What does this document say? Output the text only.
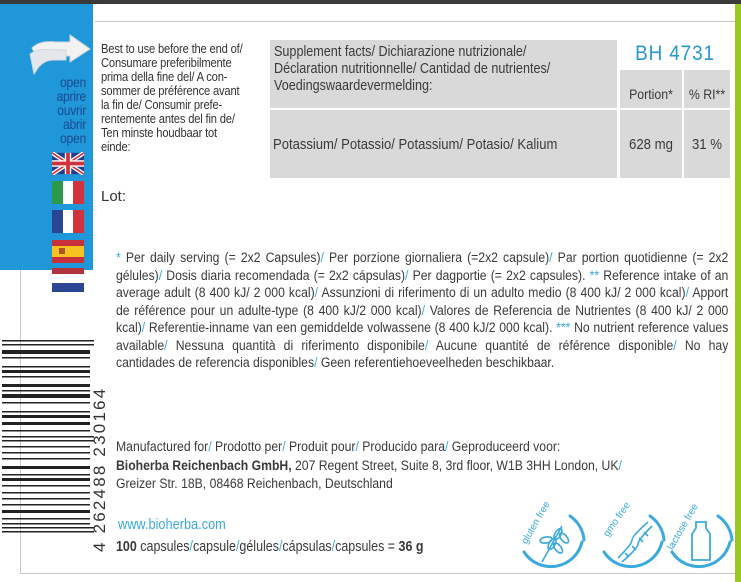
open
aprire
ouvrir
abrir
open
Best to use before the end of/
Consumare preferibilmente
prima della fine del/ A con-
sommer de préférence avant
la fin de/ Consumir prefe-
rentemente antes del fin de/
Ten minste houdbaar tot
einde:
Lot:
Supplement facts/ Dichiarazione nutrizionale/
Déclaration nutritionnelle/ Cantidad de nutrientes/
Voedingswaardevermelding:
BH 4731
Portion*	% RI**
Potassium/ Potassio/ Potassium/ Potasio/ Kalium	628 mg	31 %
* Per daily serving (= 2x2 Capsules)/ Per porzione giornaliera (=2x2 capsule)/ Par portion quotidienne (= 2x2 gélules)/ Dosis diaria recomendada (= 2x2 cápsulas)/ Per dagportie (= 2x2 capsules). ** Reference intake of an average adult (8 400 kJ/ 2 000 kcal)/ Assunzioni di riferimento di un adulto medio (8 400 kJ/ 2 000 kcal)/ Apport de référence pour un adulte-type (8 400 kJ/2 000 kcal)/ Valores de Referencia de Nutrientes (8 400 kJ/ 2 000 kcal)/ Referentie-inname van een gemiddelde volwassene (8 400 kJ/2 000 kcal). *** No nutrient reference values available/ Nessuna quantità di riferimento disponibile/ Aucune quantité de référence disponible/ No hay cantidades de referencia disponibles/ Geen referentiehoeveelheden beschikbaar.
Manufactured for/ Prodotto per/ Produit pour/ Producido para/ Geproduceerd voor:
Bioherba Reichenbach GmbH, 207 Regent Street, Suite 8, 3rd floor, W1B 3HH London, UK/
Greizer Str. 18B, 08468 Reichenbach, Deutschland
www.bioherba.com
100 capsules/capsule/gélules/cápsulas/capsules = 36 g
4 262488 230164	gluten free	gmo free	lactose free
